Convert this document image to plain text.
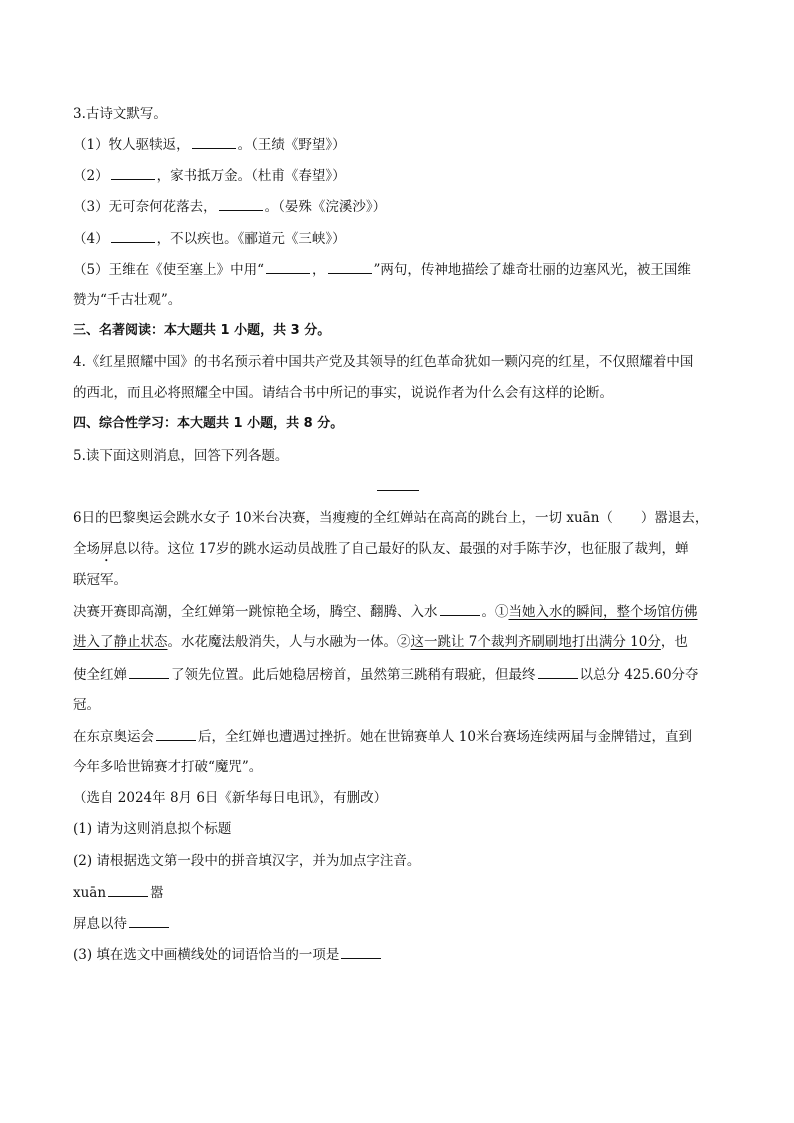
3.古诗文默写。
（1）牧人驱犊返，	。（王绩《野望》）
（2）	，家书抵万金。（杜甫《春望》）
（3）无可奈何花落去，	。（晏殊《浣溪沙》）
（4）	，不以疾也。《郦道元《三峡》）
（5）王维在《使至塞上》中用“	，	”两句，传神地描绘了雄奇壮丽的边塞风光，被王国维
赞为“千古壮观”。
三、名著阅读：本大题共 1 小题，共 3 分。
4.《红星照耀中国》的书名预示着中国共产党及其领导的红色革命犹如一颗闪亮的红星，不仅照耀着中国
的西北，而且必将照耀全中国。请结合书中所记的事实，说说作者为什么会有这样的论断。
四、综合性学习：本大题共 1 小题，共 8 分。
5.读下面这则消息，回答下列各题。
6日的巴黎奥运会跳水女子 10米台决赛，当瘦瘦的全红婵站在高高的跳台上，一切 xuān（ ）嚣退去，
全场屏息以待。这位 17岁的跳水运动员战胜了自己最好的队友、最强的对手陈芋汐，也征服了裁判，蝉
联冠军。
决赛开赛即高潮，全红婵第一跳惊艳全场，腾空、翻腾、入水	。①当她入水的瞬间，整个场馆仿佛
进入了静止状态。水花魔法般消失，人与水融为一体。②这一跳让 7个裁判齐刷刷地打出满分 10分，也
使全红婵	了领先位置。此后她稳居榜首，虽然第三跳稍有瑕疵，但最终	以总分 425.60分夺
冠。
在东京奥运会	后，全红婵也遭遇过挫折。她在世锦赛单人 10米台赛场连续两届与金牌错过，直到
今年多哈世锦赛才打破“魔咒”。
（选自 2024年 8月 6日《新华每日电讯》，有删改）
(1) 请为这则消息拟个标题
(2) 请根据选文第一段中的拼音填汉字，并为加点字注音。
xuān	嚣
屏息以待
(3) 填在选文中画横线处的词语恰当的一项是
